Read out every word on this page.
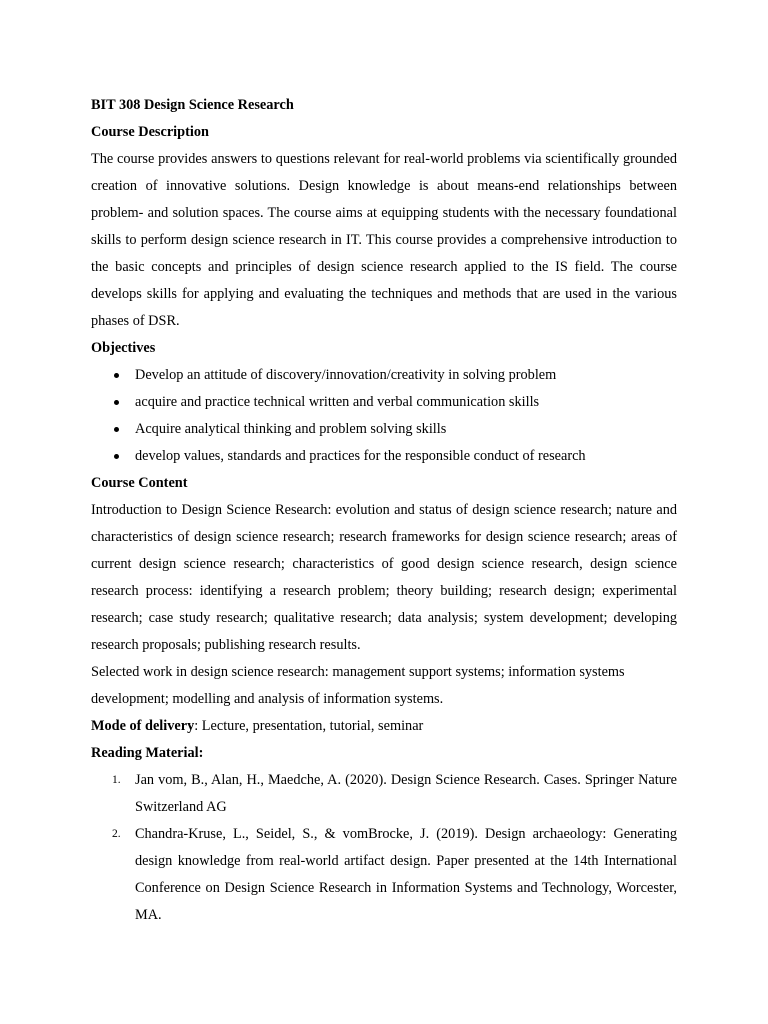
BIT 308 Design Science Research
Course Description

The course provides answers to questions relevant for real-world problems via scientifically grounded creation of innovative solutions. Design knowledge is about means-end relationships between problem- and solution spaces. The course aims at equipping students with the necessary foundational skills to perform design science research in IT. This course provides a comprehensive introduction to the basic concepts and principles of design science research applied to the IS field. The course develops skills for applying and evaluating the techniques and methods that are used in the various phases of DSR.

Objectives
Develop an attitude of discovery/innovation/creativity in solving problem
acquire and practice technical written and verbal communication skills
Acquire analytical thinking and problem solving skills
develop values, standards and practices for the responsible conduct of research
Course Content

Introduction to Design Science Research: evolution and status of design science research; nature and characteristics of design science research; research frameworks for design science research; areas of current design science research; characteristics of good design science research, design science research process: identifying a research problem; theory building; research design; experimental research; case study research; qualitative research; data analysis; system development; developing research proposals; publishing research results.

Selected work in design science research: management support systems; information systems development; modelling and analysis of information systems.

Mode of delivery: Lecture, presentation, tutorial, seminar
Reading Material:
1. Jan vom, B., Alan, H., Maedche, A. (2020). Design Science Research. Cases. Springer Nature Switzerland AG
2. Chandra-Kruse, L., Seidel, S., & vomBrocke, J. (2019). Design archaeology: Generating design knowledge from real-world artifact design. Paper presented at the 14th International Conference on Design Science Research in Information Systems and Technology, Worcester, MA.
